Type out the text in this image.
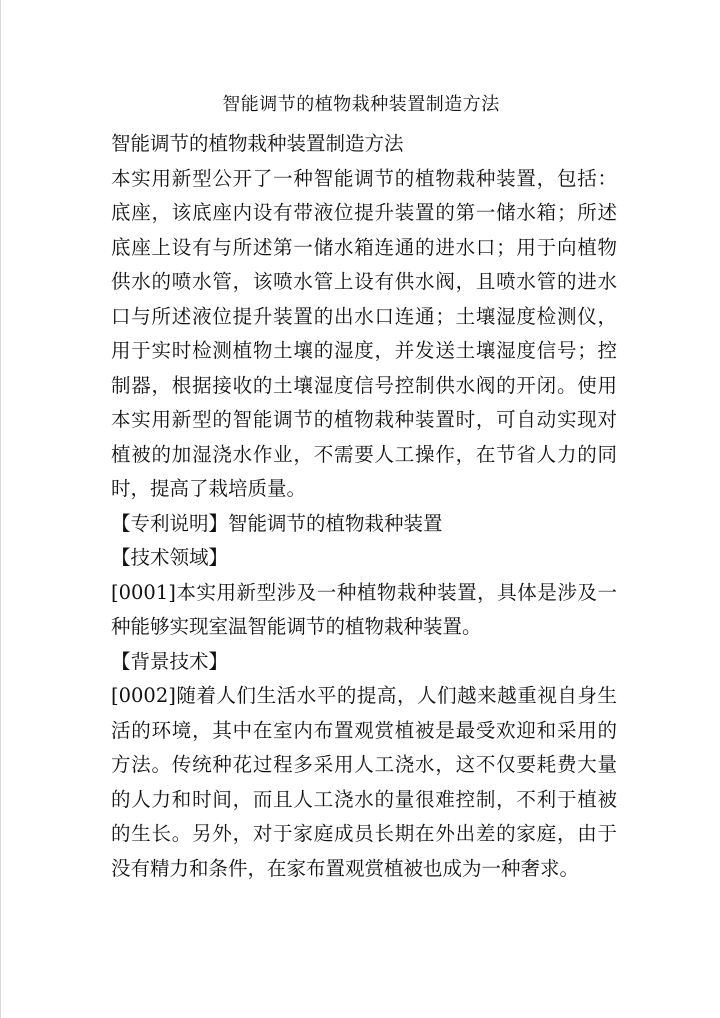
智能调节的植物栽种装置制造方法

智能调节的植物栽种装置制造方法

本实用新型公开了一种智能调节的植物栽种装置，包括：底座，该底座内设有带液位提升装置的第一储水箱；所述底座上设有与所述第一储水箱连通的进水口；用于向植物供水的喷水管，该喷水管上设有供水阀，且喷水管的进水口与所述液位提升装置的出水口连通；土壤湿度检测仪，用于实时检测植物土壤的湿度，并发送土壤湿度信号；控制器，根据接收的土壤湿度信号控制供水阀的开闭。使用本实用新型的智能调节的植物栽种装置时，可自动实现对植被的加湿浇水作业，不需要人工操作，在节省人力的同时，提高了栽培质量。

【专利说明】智能调节的植物栽种装置

【技术领域】

[0001]本实用新型涉及一种植物栽种装置，具体是涉及一种能够实现室温智能调节的植物栽种装置。

【背景技术】

[0002]随着人们生活水平的提高，人们越来越重视自身生活的环境，其中在室内布置观赏植被是最受欢迎和采用的方法。传统种花过程多采用人工浇水，这不仅要耗费大量的人力和时间，而且人工浇水的量很难控制，不利于植被的生长。另外，对于家庭成员长期在外出差的家庭，由于没有精力和条件，在家布置观赏植被也成为一种奢求。
